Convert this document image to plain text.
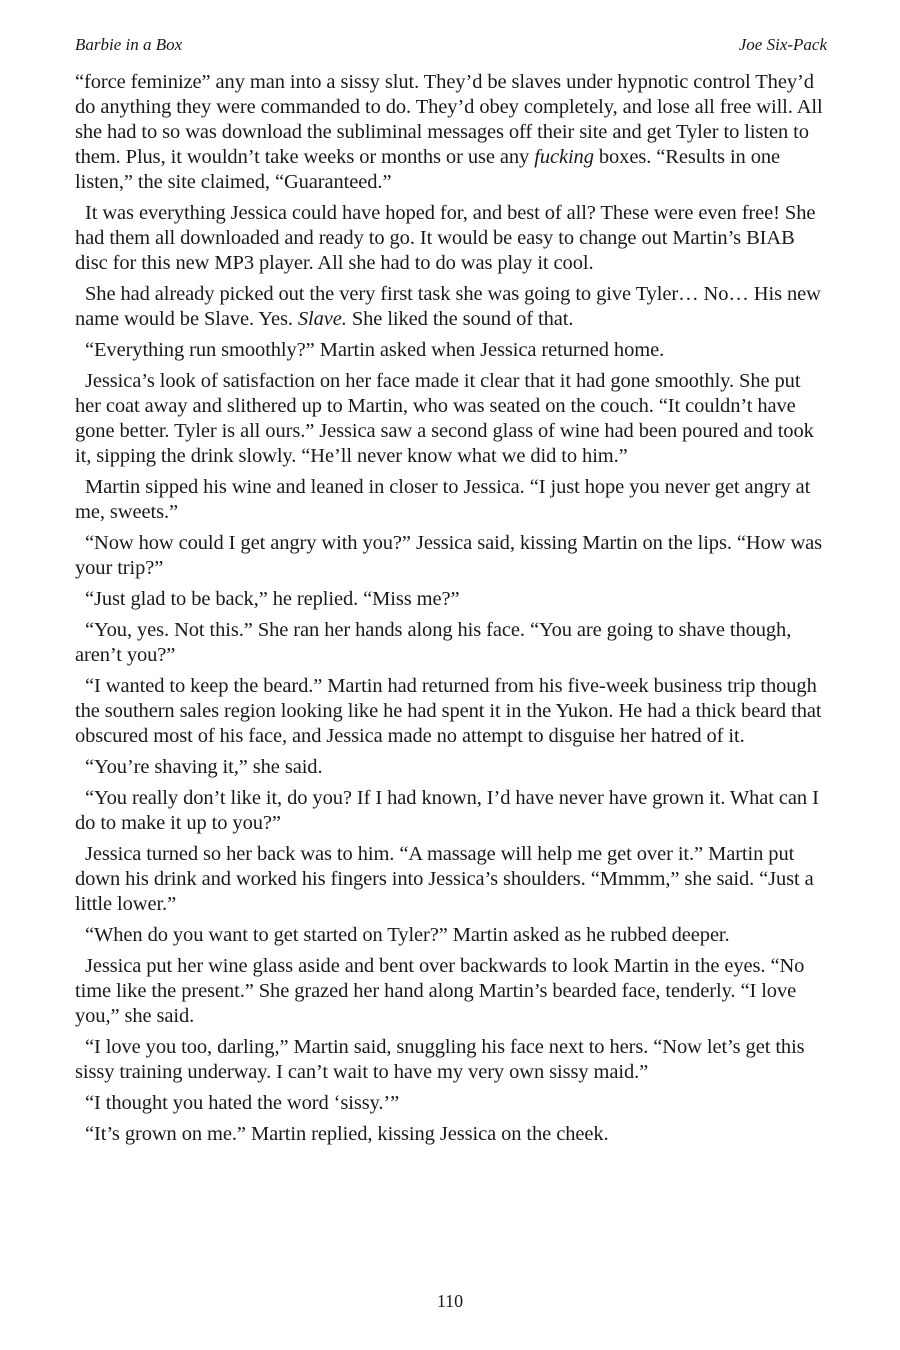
Barbie in a Box	Joe Six-Pack

“force feminize” any man into a sissy slut. They’d be slaves under hypnotic control They’d do anything they were commanded to do. They’d obey completely, and lose all free will. All she had to so was download the subliminal messages off their site and get Tyler to listen to them. Plus, it wouldn’t take weeks or months or use any fucking boxes. “Results in one listen,” the site claimed, “Guaranteed.”

It was everything Jessica could have hoped for, and best of all? These were even free! She had them all downloaded and ready to go. It would be easy to change out Martin’s BIAB disc for this new MP3 player. All she had to do was play it cool.

She had already picked out the very first task she was going to give Tyler… No… His new name would be Slave. Yes. Slave. She liked the sound of that.

“Everything run smoothly?” Martin asked when Jessica returned home.

Jessica’s look of satisfaction on her face made it clear that it had gone smoothly. She put her coat away and slithered up to Martin, who was seated on the couch. “It couldn’t have gone better. Tyler is all ours.” Jessica saw a second glass of wine had been poured and took it, sipping the drink slowly. “He’ll never know what we did to him.”

Martin sipped his wine and leaned in closer to Jessica. “I just hope you never get angry at me, sweets.”

“Now how could I get angry with you?” Jessica said, kissing Martin on the lips. “How was your trip?”

“Just glad to be back,” he replied. “Miss me?”

“You, yes. Not this.” She ran her hands along his face. “You are going to shave though, aren’t you?”

“I wanted to keep the beard.” Martin had returned from his five-week business trip though the southern sales region looking like he had spent it in the Yukon. He had a thick beard that obscured most of his face, and Jessica made no attempt to disguise her hatred of it.

“You’re shaving it,” she said.

“You really don’t like it, do you? If I had known, I’d have never have grown it. What can I do to make it up to you?”

Jessica turned so her back was to him. “A massage will help me get over it.” Martin put down his drink and worked his fingers into Jessica’s shoulders. “Mmmm,” she said. “Just a little lower.”

“When do you want to get started on Tyler?” Martin asked as he rubbed deeper.

Jessica put her wine glass aside and bent over backwards to look Martin in the eyes. “No time like the present.” She grazed her hand along Martin’s bearded face, tenderly. “I love you,” she said.

“I love you too, darling,” Martin said, snuggling his face next to hers. “Now let’s get this sissy training underway. I can’t wait to have my very own sissy maid.”

“I thought you hated the word ‘sissy.’”

“It’s grown on me.” Martin replied, kissing Jessica on the cheek.

110
